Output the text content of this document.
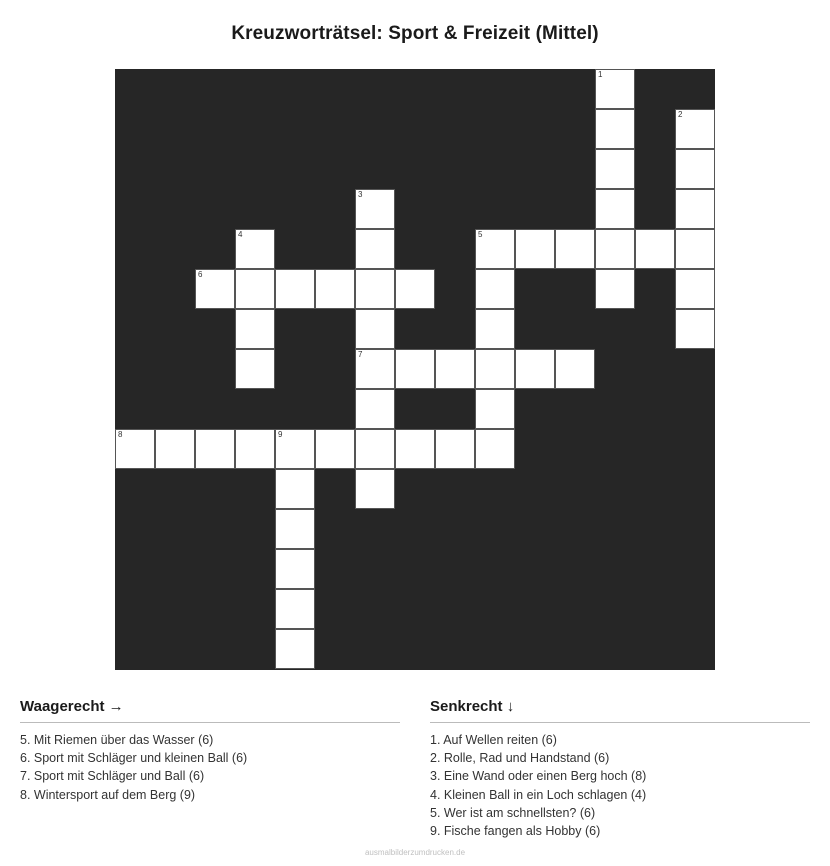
Kreuzworträtsel: Sport & Freizeit (Mittel)
1
2
3
4	5
6
7
8	9
Waagerecht →
5. Mit Riemen über das Wasser (6)
6. Sport mit Schläger und kleinen Ball (6)
7. Sport mit Schläger und Ball (6)
8. Wintersport auf dem Berg (9)
Senkrecht ↓
1. Auf Wellen reiten (6)
2. Rolle, Rad und Handstand (6)
3. Eine Wand oder einen Berg hoch (8)
4. Kleinen Ball in ein Loch schlagen (4)
5. Wer ist am schnellsten? (6)
9. Fische fangen als Hobby (6)
ausmalbilderzumdrucken.de
